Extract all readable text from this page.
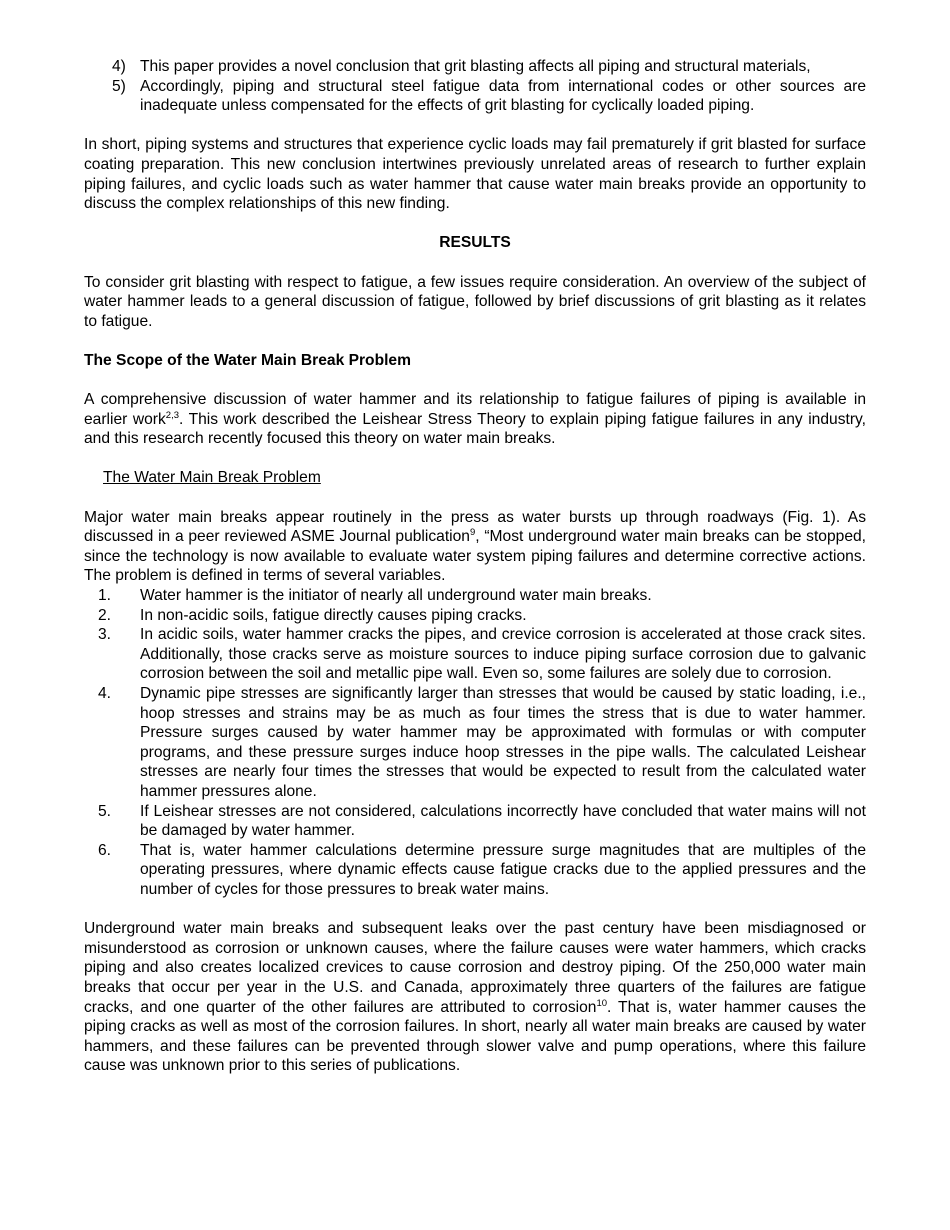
4) This paper provides a novel conclusion that grit blasting affects all piping and structural materials,
5) Accordingly, piping and structural steel fatigue data from international codes or other sources are inadequate unless compensated for the effects of grit blasting for cyclically loaded piping.

In short, piping systems and structures that experience cyclic loads may fail prematurely if grit blasted for surface coating preparation. This new conclusion intertwines previously unrelated areas of research to further explain piping failures, and cyclic loads such as water hammer that cause water main breaks provide an opportunity to discuss the complex relationships of this new finding.

RESULTS

To consider grit blasting with respect to fatigue, a few issues require consideration. An overview of the subject of water hammer leads to a general discussion of fatigue, followed by brief discussions of grit blasting as it relates to fatigue.

The Scope of the Water Main Break Problem

A comprehensive discussion of water hammer and its relationship to fatigue failures of piping is available in earlier work$^{2,3}$. This work described the Leishear Stress Theory to explain piping fatigue failures in any industry, and this research recently focused this theory on water main breaks.

The Water Main Break Problem

Major water main breaks appear routinely in the press as water bursts up through roadways (Fig. 1). As discussed in a peer reviewed ASME Journal publication$^9$, “Most underground water main breaks can be stopped, since the technology is now available to evaluate water system piping failures and determine corrective actions. The problem is defined in terms of several variables.

1.	Water hammer is the initiator of nearly all underground water main breaks.
2.	In non-acidic soils, fatigue directly causes piping cracks.
3.	In acidic soils, water hammer cracks the pipes, and crevice corrosion is accelerated at those crack sites. Additionally, those cracks serve as moisture sources to induce piping surface corrosion due to galvanic corrosion between the soil and metallic pipe wall. Even so, some failures are solely due to corrosion.
4.	Dynamic pipe stresses are significantly larger than stresses that would be caused by static loading, i.e., hoop stresses and strains may be as much as four times the stress that is due to water hammer. Pressure surges caused by water hammer may be approximated with formulas or with computer programs, and these pressure surges induce hoop stresses in the pipe walls. The calculated Leishear stresses are nearly four times the stresses that would be expected to result from the calculated water hammer pressures alone.
5.	If Leishear stresses are not considered, calculations incorrectly have concluded that water mains will not be damaged by water hammer.
6.	That is, water hammer calculations determine pressure surge magnitudes that are multiples of the operating pressures, where dynamic effects cause fatigue cracks due to the applied pressures and the number of cycles for those pressures to break water mains.

Underground water main breaks and subsequent leaks over the past century have been misdiagnosed or misunderstood as corrosion or unknown causes, where the failure causes were water hammers, which cracks piping and also creates localized crevices to cause corrosion and destroy piping. Of the 250,000 water main breaks that occur per year in the U.S. and Canada, approximately three quarters of the failures are fatigue cracks, and one quarter of the other failures are attributed to corrosion$^{10}$. That is, water hammer causes the piping cracks as well as most of the corrosion failures. In short, nearly all water main breaks are caused by water hammers, and these failures can be prevented through slower valve and pump operations, where this failure cause was unknown prior to this series of publications.
